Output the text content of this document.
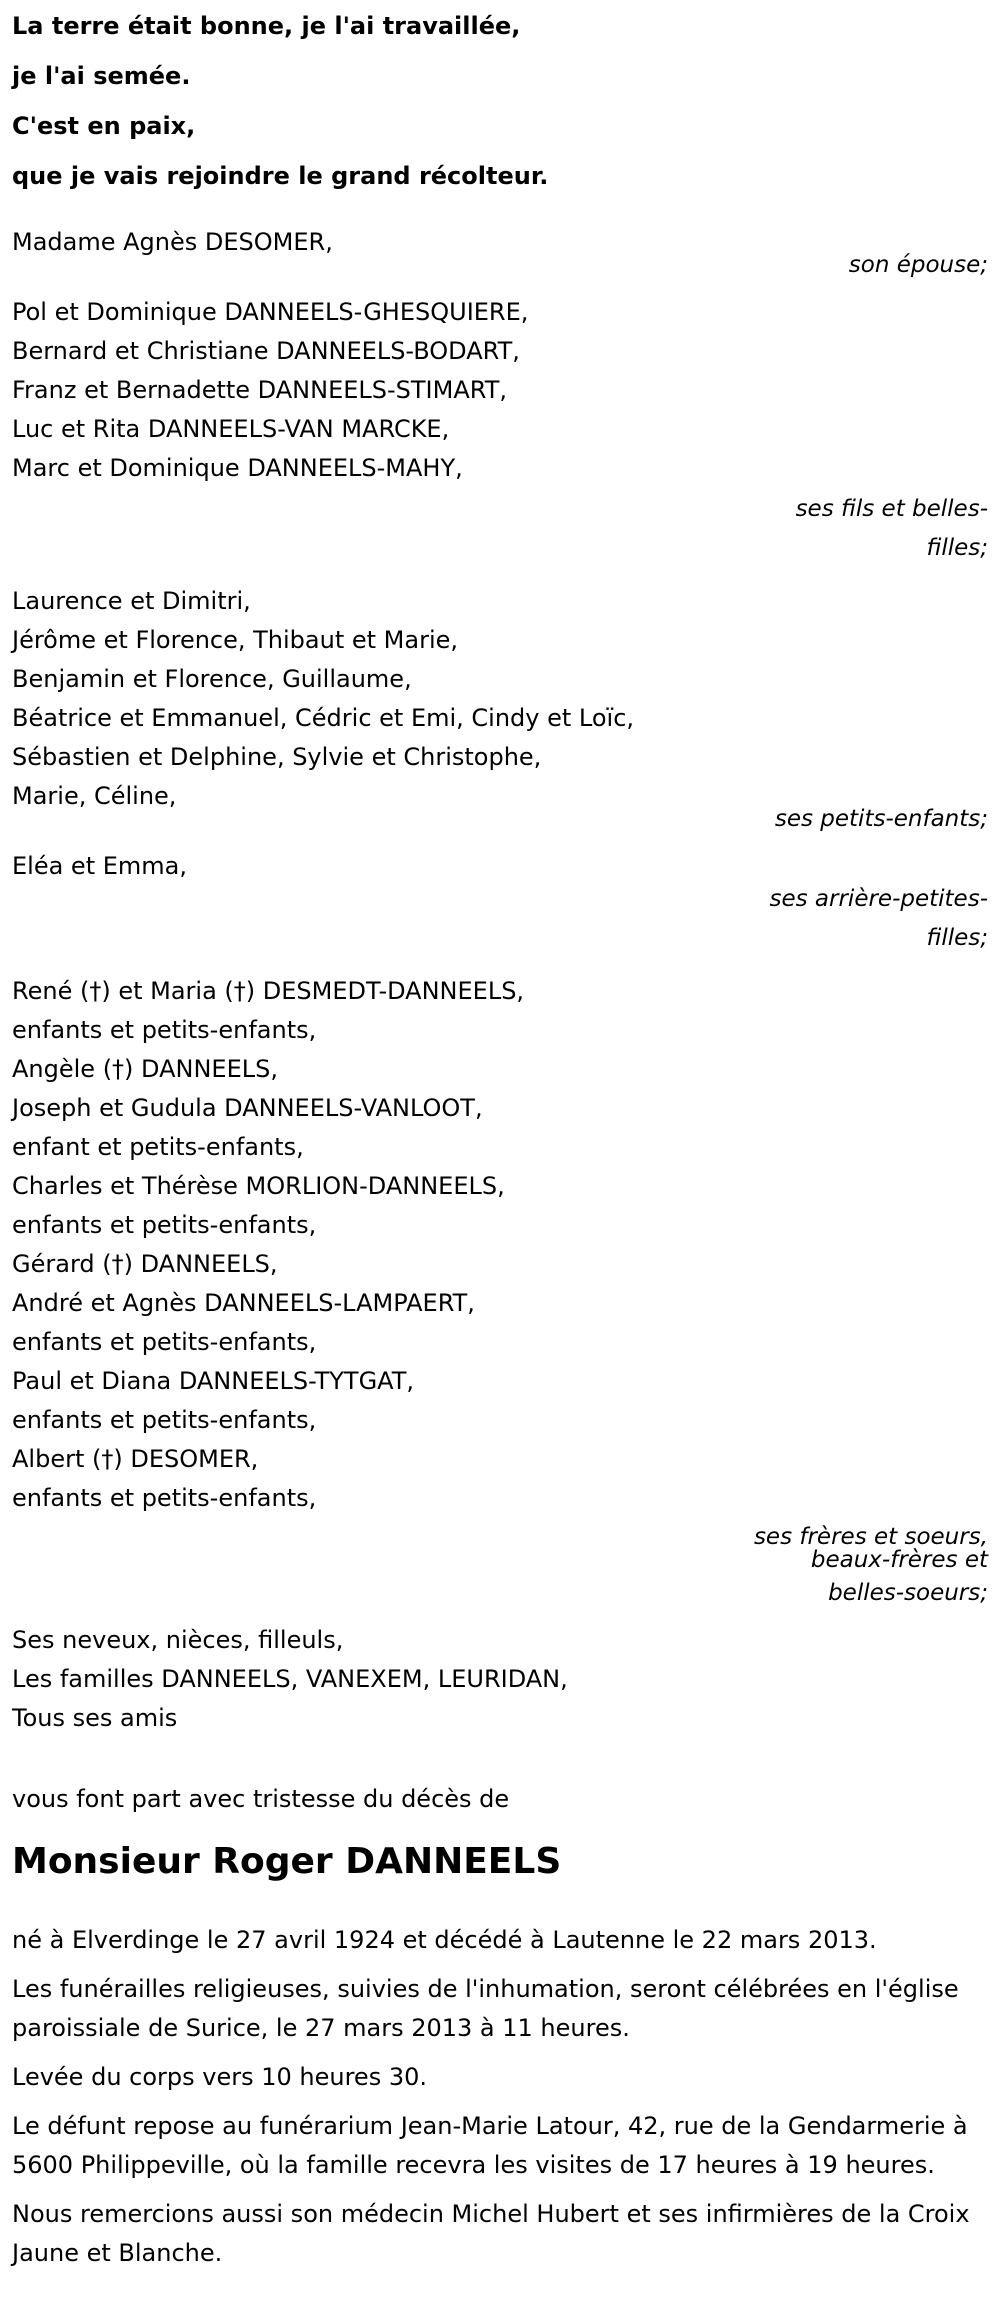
La terre était bonne, je l'ai travaillée,
je l'ai semée.
C'est en paix,
que je vais rejoindre le grand récolteur.
Madame Agnès DESOMER,
son épouse;
Pol et Dominique DANNEELS-GHESQUIERE,
Bernard et Christiane DANNEELS-BODART,
Franz et Bernadette DANNEELS-STIMART,
Luc et Rita DANNEELS-VAN MARCKE,
Marc et Dominique DANNEELS-MAHY,
ses fils et belles-
filles;
Laurence et Dimitri,
Jérôme et Florence, Thibaut et Marie,
Benjamin et Florence, Guillaume,
Béatrice et Emmanuel, Cédric et Emi, Cindy et Loïc,
Sébastien et Delphine, Sylvie et Christophe,
Marie, Céline,
ses petits-enfants;
Eléa et Emma,
ses arrière-petites-
filles;
René (†) et Maria (†) DESMEDT-DANNEELS,
enfants et petits-enfants,
Angèle (†) DANNEELS,
Joseph et Gudula DANNEELS-VANLOOT,
enfant et petits-enfants,
Charles et Thérèse MORLION-DANNEELS,
enfants et petits-enfants,
Gérard (†) DANNEELS,
André et Agnès DANNEELS-LAMPAERT,
enfants et petits-enfants,
Paul et Diana DANNEELS-TYTGAT,
enfants et petits-enfants,
Albert (†) DESOMER,
enfants et petits-enfants,
ses frères et soeurs,
beaux-frères et
belles-soeurs;
Ses neveux, nièces, filleuls,
Les familles DANNEELS, VANEXEM, LEURIDAN,
Tous ses amis
vous font part avec tristesse du décès de
Monsieur Roger DANNEELS
né à Elverdinge le 27 avril 1924 et décédé à Lautenne le 22 mars 2013.
Les funérailles religieuses, suivies de l'inhumation, seront célébrées en l'église paroissiale de Surice, le 27 mars 2013 à 11 heures.
Levée du corps vers 10 heures 30.
Le défunt repose au funérarium Jean-Marie Latour, 42, rue de la Gendarmerie à 5600 Philippeville, où la famille recevra les visites de 17 heures à 19 heures.
Nous remercions aussi son médecin Michel Hubert et ses infirmières de la Croix Jaune et Blanche.
